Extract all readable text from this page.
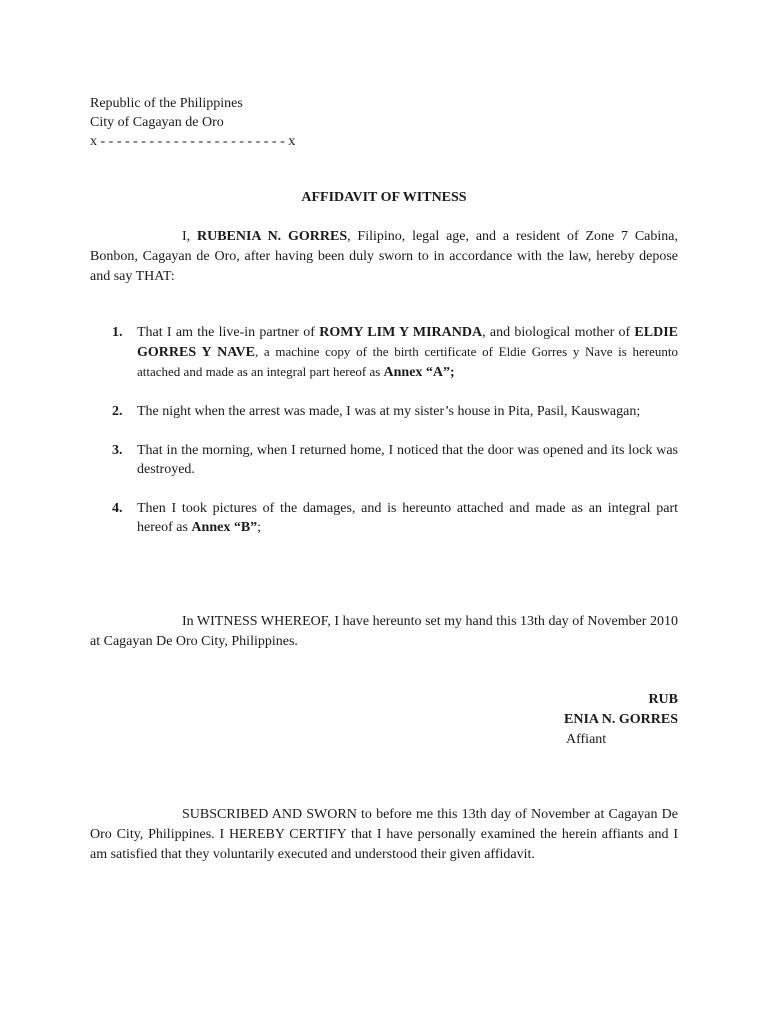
Republic of the Philippines
City of Cagayan de Oro
x - - - - - - - - - - - - - - - - - - - - - - - x
AFFIDAVIT OF WITNESS
I, RUBENIA N. GORRES, Filipino, legal age, and a resident of Zone 7 Cabina, Bonbon, Cagayan de Oro, after having been duly sworn to in accordance with the law, hereby depose and say THAT:
1. That I am the live-in partner of ROMY LIM Y MIRANDA, and biological mother of ELDIE GORRES Y NAVE, a machine copy of the birth certificate of Eldie Gorres y Nave is hereunto attached and made as an integral part hereof as Annex “A”;
2. The night when the arrest was made, I was at my sister’s house in Pita, Pasil, Kauswagan;
3. That in the morning, when I returned home, I noticed that the door was opened and its lock was destroyed.
4. Then I took pictures of the damages, and is hereunto attached and made as an integral part hereof as Annex “B”;
In WITNESS WHEREOF, I have hereunto set my hand this 13th day of November 2010 at Cagayan De Oro City, Philippines.
RUB
ENIA N. GORRES
Affiant
SUBSCRIBED AND SWORN to before me this 13th day of November at Cagayan De Oro City, Philippines. I HEREBY CERTIFY that I have personally examined the herein affiants and I am satisfied that they voluntarily executed and understood their given affidavit.
